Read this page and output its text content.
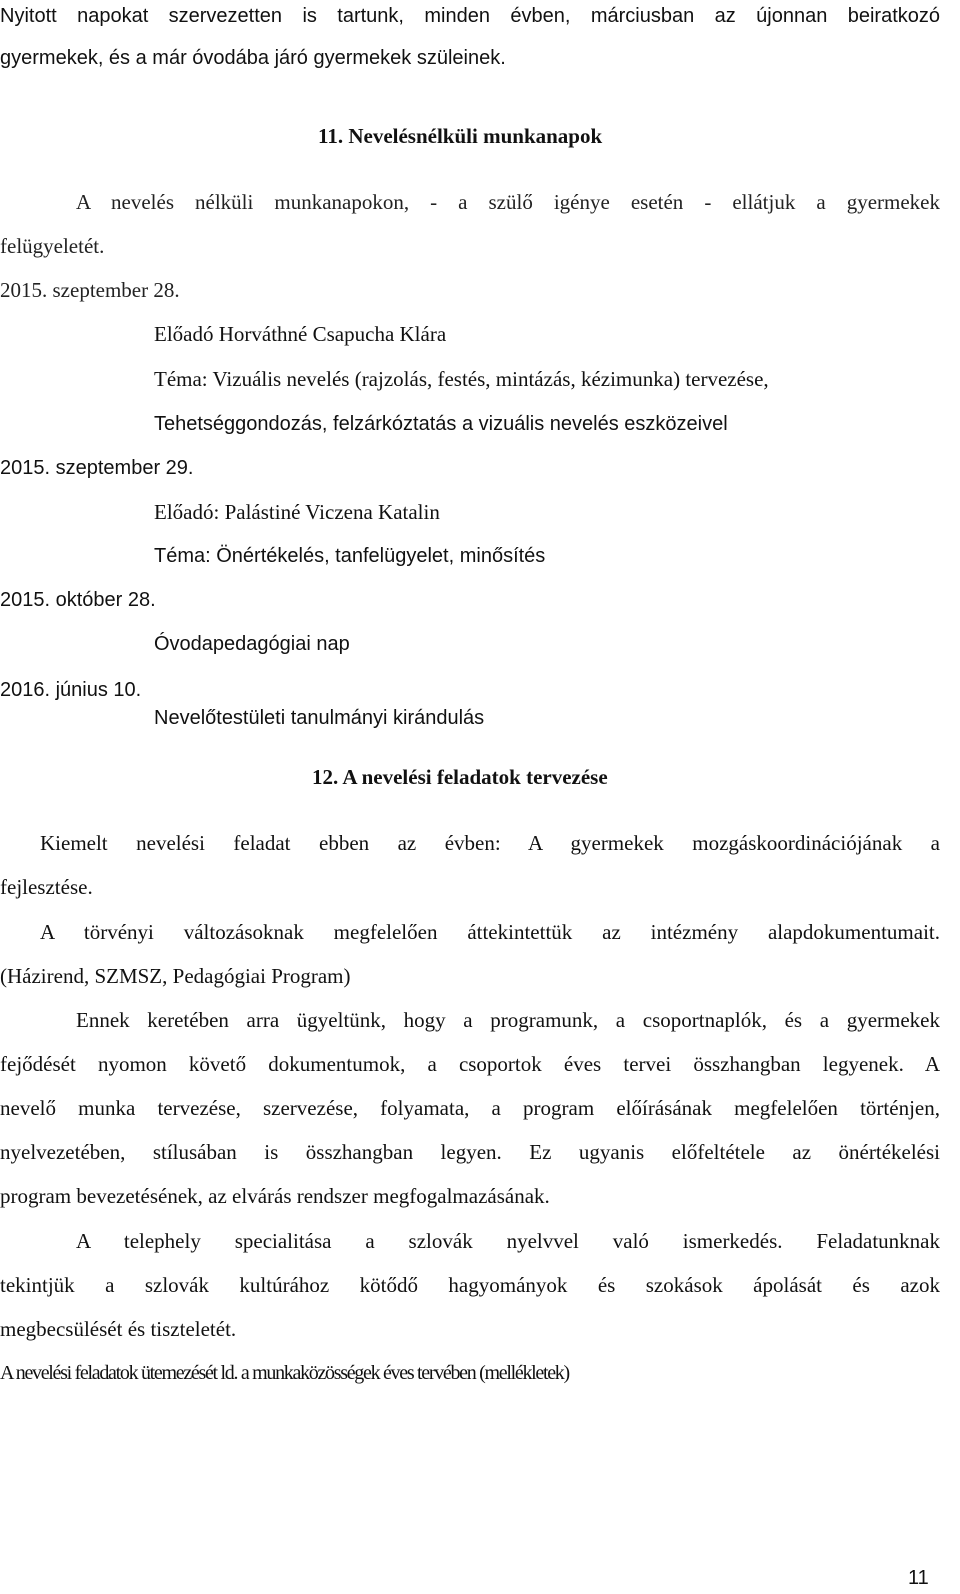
Nyitott napokat szervezetten is tartunk, minden évben, márciusban az újonnan beiratkozó
gyermekek, és a már óvodába járó gyermekek szüleinek.
11. Nevelésnélküli munkanapok
A nevelés nélküli munkanapokon, - a szülő igénye esetén - ellátjuk a gyermekek
felügyeletét.
2015. szeptember 28.
Előadó Horváthné Csapucha Klára
Téma: Vizuális nevelés (rajzolás, festés, mintázás, kézimunka) tervezése,
Tehetséggondozás, felzárkóztatás a vizuális nevelés eszközeivel
2015. szeptember 29.
Előadó: Palástiné Viczena Katalin
Téma: Önértékelés, tanfelügyelet, minősítés
2015. október 28.
Óvodapedagógiai nap
2016. június 10.
Nevelőtestületi tanulmányi kirándulás
12. A nevelési feladatok tervezése
Kiemelt nevelési feladat ebben az évben: A gyermekek mozgáskoordinációjának a
fejlesztése.
A törvényi változásoknak megfelelően áttekintettük az intézmény alapdokumentumait.
(Házirend, SZMSZ, Pedagógiai Program)
Ennek keretében arra ügyeltünk, hogy a programunk, a csoportnaplók, és a gyermekek
fejődését nyomon követő dokumentumok, a csoportok éves tervei összhangban legyenek. A
nevelő munka tervezése, szervezése, folyamata, a program előírásának megfelelően történjen,
nyelvezetében, stílusában is összhangban legyen. Ez ugyanis előfeltétele az önértékelési
program bevezetésének, az elvárás rendszer megfogalmazásának.
A telephely specialitása a szlovák nyelvvel való ismerkedés. Feladatunknak
tekintjük a szlovák kultúrához kötődő hagyományok és szokások ápolását és azok
megbecsülését és tiszteletét.
A nevelési feladatok ütemezését ld. a munkaközösségek éves tervében (mellékletek)
11
